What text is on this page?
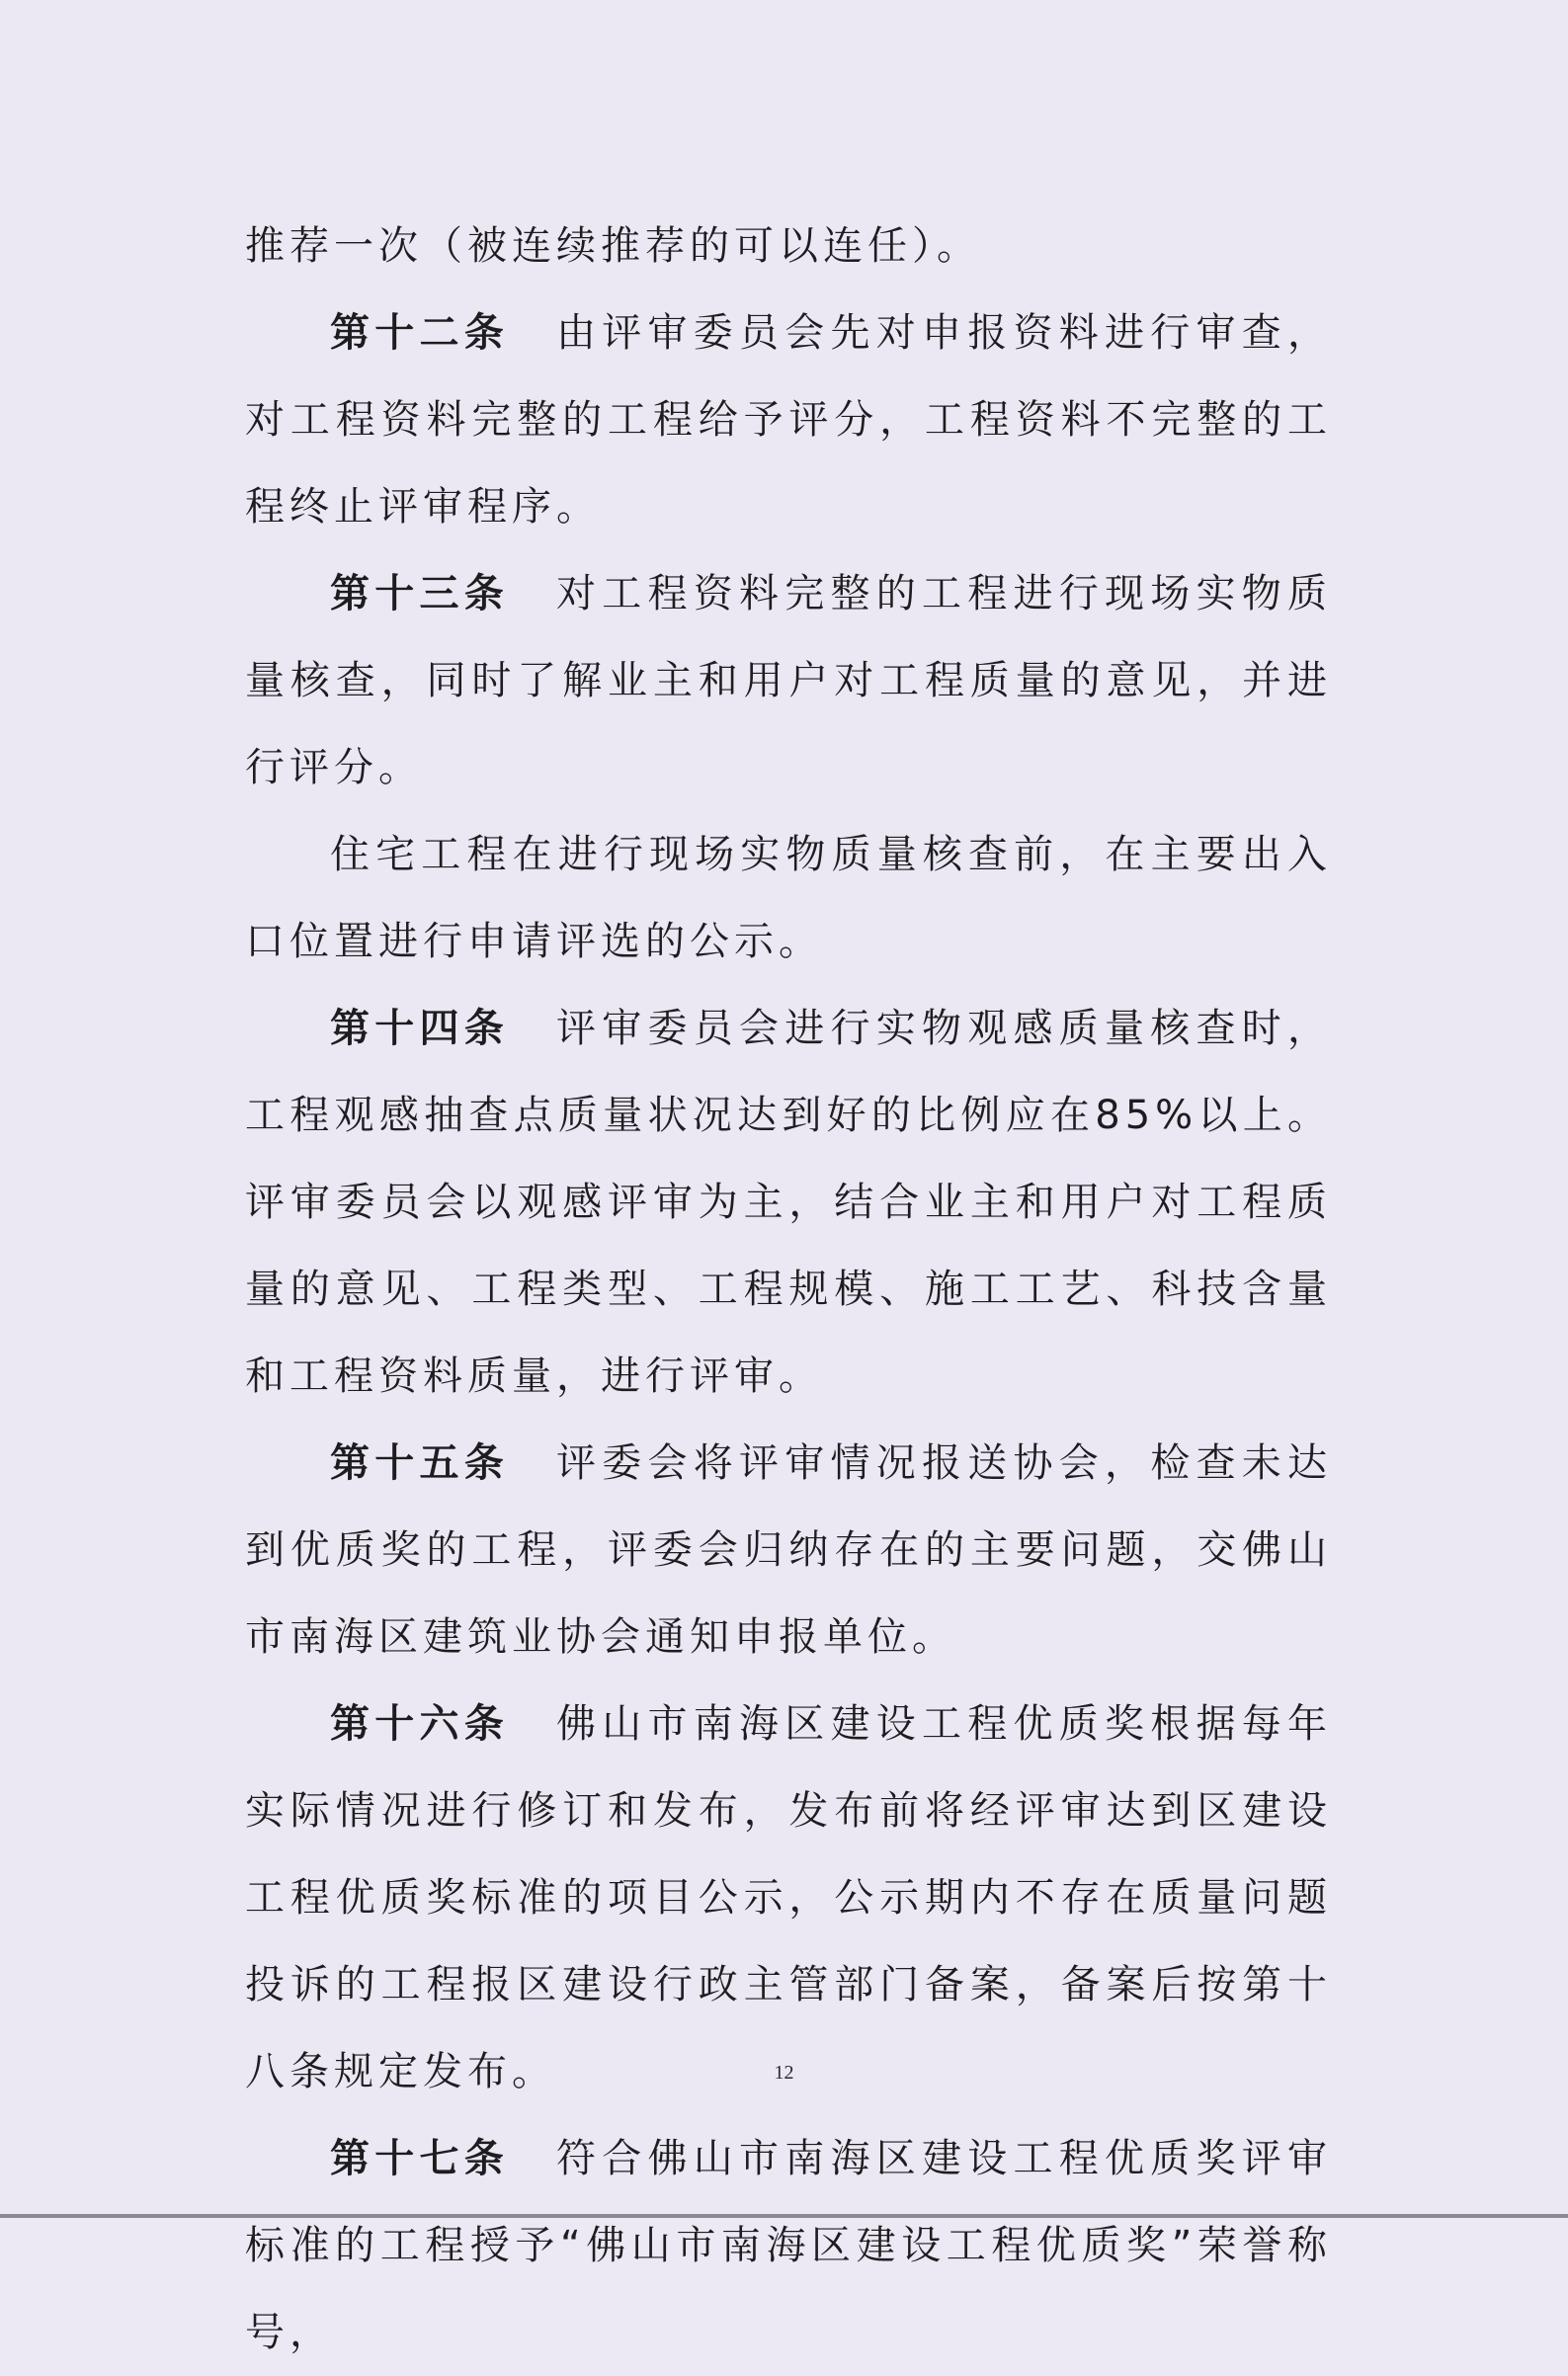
推荐一次（被连续推荐的可以连任）。

第十二条 由评审委员会先对申报资料进行审查，对工程资料完整的工程给予评分，工程资料不完整的工程终止评审程序。

第十三条 对工程资料完整的工程进行现场实物质量核查，同时了解业主和用户对工程质量的意见，并进行评分。

住宅工程在进行现场实物质量核查前，在主要出入口位置进行申请评选的公示。

第十四条 评审委员会进行实物观感质量核查时，工程观感抽查点质量状况达到好的比例应在85%以上。评审委员会以观感评审为主，结合业主和用户对工程质量的意见、工程类型、工程规模、施工工艺、科技含量和工程资料质量，进行评审。

第十五条 评委会将评审情况报送协会，检查未达到优质奖的工程，评委会归纳存在的主要问题，交佛山市南海区建筑业协会通知申报单位。

第十六条 佛山市南海区建设工程优质奖根据每年实际情况进行修订和发布，发布前将经评审达到区建设工程优质奖标准的项目公示，公示期内不存在质量问题投诉的工程报区建设行政主管部门备案，备案后按第十八条规定发布。

第十七条 符合佛山市南海区建设工程优质奖评审标准的工程授予“佛山市南海区建设工程优质奖”荣誉称号，

12
